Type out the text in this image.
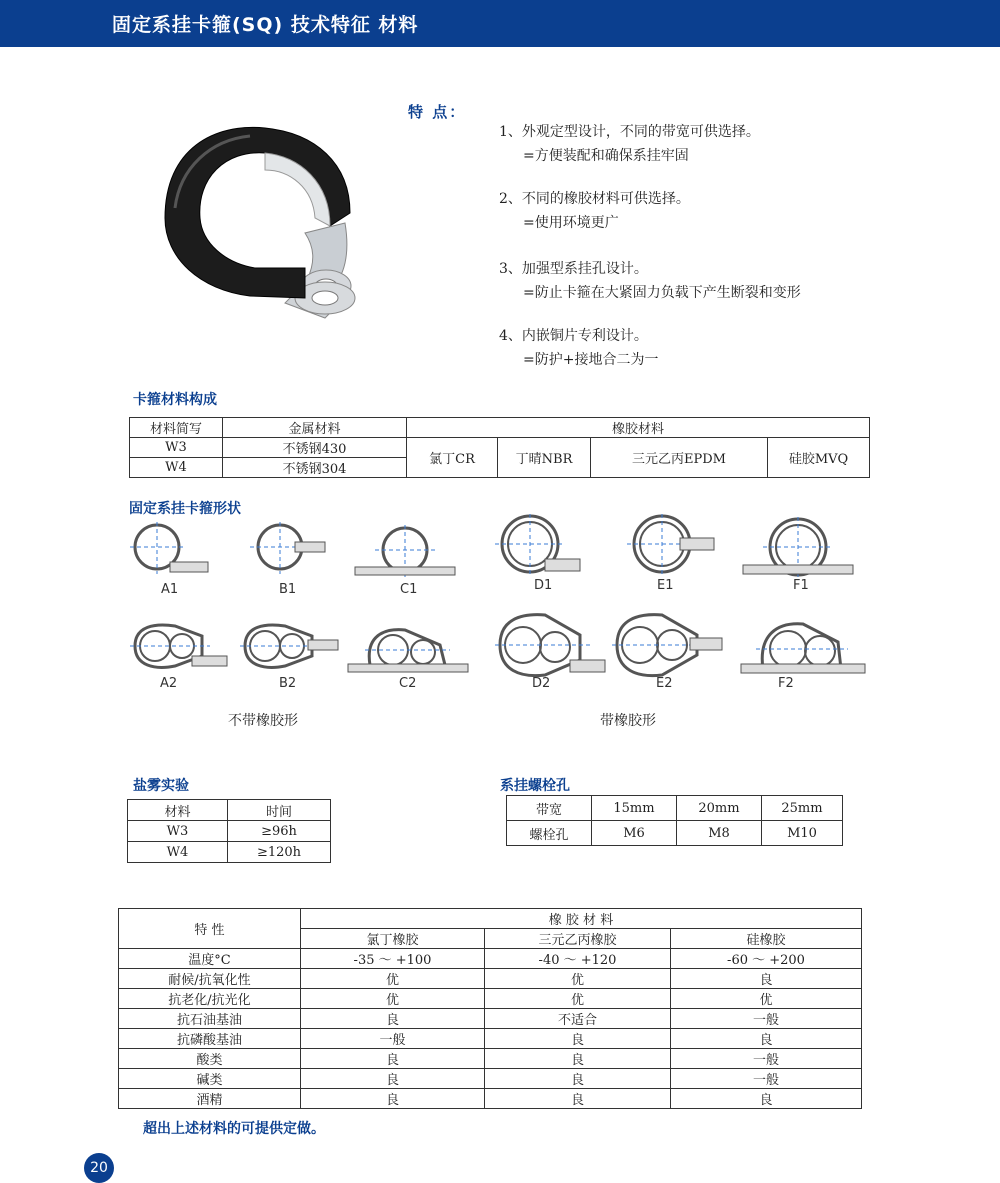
固定系挂卡箍(SQ) 技术特征 材料
特 点：
1、外观定型设计，不同的带宽可供选择。
=方便装配和确保系挂牢固
2、不同的橡胶材料可供选择。
=使用环境更广
3、加强型系挂孔设计。
=防止卡箍在大紧固力负载下产生断裂和变形
4、内嵌铜片专利设计。
=防护+接地合二为一
卡箍材料构成
材料简写	金属材料	橡胶材料			
W3	不锈钢430	氯丁CR	丁晴NBR	三元乙丙EPDM	硅胶MVQ
W4	不锈钢304				
固定系挂卡箍形状
A1	B1	C1	D1	E1	F1
A2	B2	C2	D2	E2	F2
不带橡胶形	带橡胶形
盐雾实验
材料	时间
W3	≥96h
W4	≥120h
系挂螺栓孔
带宽	15mm	20mm	25mm
螺栓孔	M6	M8	M10
特 性	橡 胶 材 料		
	氯丁橡胶	三元乙丙橡胶	硅橡胶
温度°C	-35 ～ +100	-40 ～ +120	-60 ～ +200
耐候/抗氧化性	优	优	良
抗老化/抗光化	优	优	优
抗石油基油	良	不适合	一般
抗磷酸基油	一般	良	良
酸类	良	良	一般
碱类	良	良	一般
酒精	良	良	良
超出上述材料的可提供定做。
20
